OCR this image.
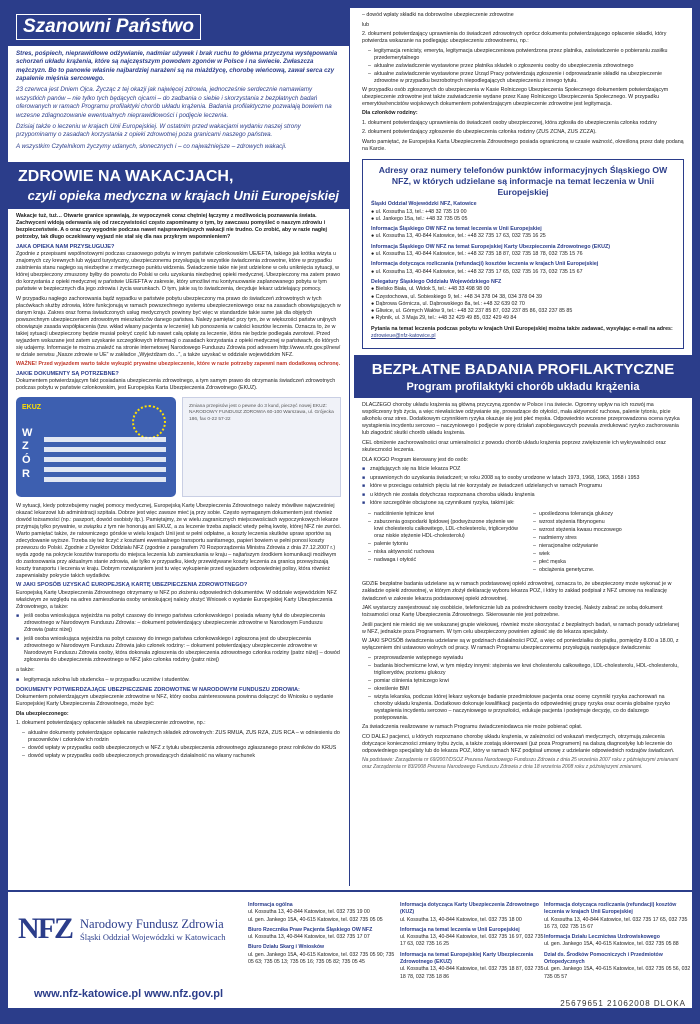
Szanowni Państwo

Stres, pośpiech, nieprawidłowe odżywianie, nadmiar używek i brak ruchu to główna przyczyna występowania schorzeń układu krążenia, które są najczęstszym powodem zgonów w Polsce i na świecie. Zwłaszcza mężczyzn. Bo to panowie właśnie najbardziej narażeni są na miażdżycę, chorobę wieńcową, zawał serca czy zapalenie mięśnia sercowego.

23 czerwca jest Dniem Ojca. Życząc z tej okazji jak najwięcej zdrowia, jednocześnie serdecznie namawiamy wszystkich panów – nie tylko tych będących ojcami – do zadbania o siebie i skorzystania z bezpłatnych badań oferowanych w ramach Programu profilaktyki chorób układu krążenia. Badania profilaktyczne pozwalają bowiem na wczesne zdiagnozowanie ewentualnych nieprawidłowości i podjęcie leczenia.

Dzisiaj także o leczeniu w krajach Unii Europejskiej. W ostatnim przed wakacjami wydaniu naszej strony przypominamy o zasadach korzystania z opieki zdrowotnej poza granicami naszego państwa.

A wszystkim Czytelnikom życzymy udanych, słonecznych i – co najważniejsze – zdrowych wakacji.

ZDROWIE NA WAKACJACH,
czyli opieka medyczna w krajach Unii Europejskiej

Wakacje tuż, tuż… Otwarte granice sprawiają, że wypoczynek coraz chętniej łączymy z możliwością poznawania świata. Zachwyceni widoją oderwania się od rzeczywistości często zapominamy o tym, by zawczasu pomyśleć o naszym zdrowiu i bezpieczeństwie. A o oraz czy wygodnie podczas nawet najsprawniejszych wakacji nie trudno. Co zrobić, aby w razie nagłej potrzeby, tak długo oczekiwany wyjazd nie stał się dla nas przykrym wspomnieniem?

JAKA OPIEKA NAM PRZYSŁUGUJE?

Zgodnie z przepisami wspólnotowymi podczas czasowego pobytu w innym państwie członkowskim UE/EFTA, takiego jak krótka wizyta u znajomych czy krewnych lub wyjazd turystyczny, ubezpieczonemu przysługują te wszystkie świadczenia zdrowotne, które w przypadku zaistnienia stanu nagłego są niezbędne z medycznego punktu widzenia. Świadczenie takie nie jest udzielone w celu uniknięcia sytuacji, w której ubezpieczony zmuszony byłby do powrotu do Polski w celu uzyskania niezbędnej opieki medycznej. Ubezpieczony ma zatem prawo do korzystania z opieki medycznej w państwie UE/EFTA w zakresie, który umożliwi mu kontynuowanie zaplanowanego pobytu w tym państwie w bezpiecznych dla jego zdrowia i życia warunkach. O tym, jakie są to świadczenia, decyduje lekarz udzielający pomocy.

W przypadku nagłego zachorowania bądź wypadku w państwie pobytu ubezpieczony ma prawo do świadczeń zdrowotnych w tych placówkach służby zdrowia, które funkcjonują w ramach powszechnego systemu ubezpieczeniowego oraz na zasadach obowiązujących w danym kraju. Zakres oraz forma świadczonych usług medycznych powinny być więc w standardzie takie same jak dla objętych powszechnym ubezpieczeniem zdrowotnym mieszkańców danego państwa. Należy pamiętać przy tym, że w większości państw unijnych obowiązuje zasada współpłacenia (tzw. wkład własny pacjenta w leczenie) lub ponoszenia w całości kosztów leczenia. Oznacza to, że w takiej sytuacji ubezpieczony będzie musiał pokryć część lub nawet całą opłatę za leczenie, która nie będzie podlegała zwrotowi. Przed wyjazdem wskazane jest zatem uzyskanie szczegółowych informacji o zasadach korzystania z opieki medycznej w państwach, do których się udajemy. Informacje te można znaleźć na stronie internetowej Narodowego Funduszu Zdrowia pod adresem http://www.nfz.gov.pl/new/ w dziale serwisu „Nasze zdrowie w UE” w zakładce „Wyjeżdżam do...”, a także uzyskać w oddziale wojewódzkim NFZ.

WAŻNE! Przed wyjazdem warto także wykupić prywatne ubezpieczenie, które w razie potrzeby zapewni nam dodatkową ochronę.

JAKIE DOKUMENTY SĄ POTRZEBNE?

Dokumentem potwierdzającym fakt posiadania ubezpieczenia zdrowotnego, a tym samym prawo do otrzymania świadczeń zdrowotnych podczas pobytu w państwie członkowskim, jest Europejska Karta Ubezpieczenia Zdrowotnego (EKUZ).

EKUZ
W
Z
Ó
R
Zmiana przepisów jest o pewne do 3 kund, pieczęć nowej EKUZ: NARODOWY FUNDUSZ ZDROWIA 60-100 Warszawa, ul. Grójecka 186, fax 0-22 57-22

W sytuacji, kiedy potrzebujemy nagłej pomocy medycznej, Europejską Kartę Ubezpieczenia Zdrowotnego należy mówiliwe najwcześniej okazać lekarzowi lub administracji szpitala. Dobrze jest więc zawsze mieć ją przy sobie. Często wymaganym dokumentem jest również dowód tożsamości (np.: paszport, dowód osobisty itp.). Pamiętajmy, że w wielu zagranicznych miejscowościach wypoczynkowych lekarze przyjmują tylko prywatnie, w związku z tym nie honorują ani EKUZ, a za leczenie trzeba zapłacić wtedy pełną kwotę, której NFZ nie zwróci. Warto pamiętać także, że ratowniczego górskie w wielu krajach Unii jest w pełni odpłatne, a koszty leczenia skutków upraw sportów są zdecydowanie wyższe. Trzeba się też liczyć z kosztami ewentualnego transportu sanitarnego, papieri bowiem w pełni ponosi koszty przewozu do Polski. Zgodnie z Dyrektor Oddziału NFZ (zgodnie z paragrafem 70 Rozporządzenia Ministra Zdrowia z dnia 27.12.2007 r.) wyda zgodę na pokrycie kosztów transportu do miejsca leczenia lub zamieszkania w kraju – najtańszym środkiem komunikacji możliwym do zastosowania przy aktualnym stanie zdrowia, ale tylko w przypadku, kiedy przewidywane koszty leczenia za granicą przewyższają koszty transportu i leczenia w kraju. Dobrym rozwiązaniem jest tu więc wykupienie przed wyjazdem odpowiedniej polisy, która również zapewniałaby pokrycie takich wydatków.

W JAKI SPOSÓB UZYSKAĆ EUROPEJSKĄ KARTĘ UBEZPIECZENIA ZDROWOTNEGO?

Europejską Kartę Ubezpieczenia Zdrowotnego otrzymamy w NFZ po złożeniu odpowiednich dokumentów. W oddziale wojewódzkim NFZ właściwym ze względu na adres zamieszkania osoby wnioskującej należy złożyć Wniosek o wydanie Europejskiej Karty Ubezpieczenia Zdrowotnego, a także:

■ jeśli osoba wnioskująca wyjeżdża na pobyt czasowy do innego państwa członkowskiego i posiada własny tytuł do ubezpieczenia zdrowotnego w Narodowym Funduszu Zdrowia: – dokument potwierdzający ubezpieczenie zdrowotne w Narodowym Funduszu Zdrowia (patrz niżej)
■ jeśli osoba wnioskująca wyjeżdża na pobyt czasowy do innego państwa członkowskiego i zgłoszona jest do ubezpieczenia zdrowotnego w Narodowym Funduszu Zdrowia jako członek rodziny: – dokument potwierdzający ubezpieczenie zdrowotne w Narodowym Funduszu Zdrowia osoby, która dokonała zgłoszenia do ubezpieczenia zdrowotnego członka rodziny (patrz niżej) – dowód zgłoszenia do ubezpieczenia zdrowotnego w NFZ jako członka rodziny (patrz niżej)

a także:

■ legitymacja szkolna lub studencka – w przypadku uczniów i studentów.
DOKUMENTY POTWIERDZAJĄCE UBEZPIECZENIE ZDROWOTNE W NARODOWYM FUNDUSZU ZDROWIA:

Dokumentem potwierdzającym ubezpieczenie zdrowotne w NFZ, który osoba zainteresowana powinna dołączyć do Wniosku o wydanie Europejskiej Karty Ubezpieczenia Zdrowotnego, może być:

Dla ubezpieczonego:

1. dokument potwierdzający opłacenie składek na ubezpieczenie zdrowotne, np.:

– aktualne dokumenty potwierdzające opłacanie należnych składek zdrowotnych: ZUS RMUA, ZUS RZA, ZUS RCA – w odniesieniu do pracowników i członków ich rodzin
– dowód wpłaty w przypadku osób ubezpieczonych w NFZ z tytułu ubezpieczenia zdrowotnego zgłaszanego przez rolników do KRUS
– dowód wpłaty w przypadku osób ubezpieczonych prowadzących działalność na własny rachunek

– dowód wpłaty składki na dobrowolne ubezpieczenie zdrowotne

lub

2. dokument potwierdzający uprawnienia do świadczeń zdrowotnych oprócz dokumentu potwierdzającego opłacenie składki, który potwierdza wskazanie na podlegając ubezpieczeniu zdrowotnemu, np.:

– legitymacja renicisty, emeryta, legitymacja ubezpieczeniowa potwierdzona przez platnika, zaświadczenie o pobieraniu zasiłku przedemerytalnego
– aktualne zaświadczenie wystawione przez płatnika składek o zgłoszeniu osoby do ubezpieczenia zdrowotnego
– aktualne zaświadczenie wystawione przez Urząd Pracy potwierdzają zgłoszenie i odprowadzanie składki na ubezpieczenie zdrowotne w przypadku bezrobotnych niepodlegających ubezpieczeniu z innego tytułu.

W przypadku osób zgłoszonych do ubezpieczenia w Kasie Rolniczego Ubezpieczenia Społecznego dokumentem potwierdzającym ubezpieczenie zdrowotne jest także zaświadczenie wydane przez Kasę Rolniczego Ubezpieczenia Społecznego. W przypadku emerytów/rencistów wojskowych dokumentem potwierdzającym ubezpieczenie zdrowotne jest legitymacja.

Dla członków rodziny:

1. dokument potwierdzający uprawnienia do świadczeń osoby ubezpieczonej, która zgłosiła do ubezpieczenia członka rodziny

2. dokument potwierdzający zgłoszenie do ubezpieczenia członka rodziny (ZUS ZCNA, ZUS ZCZA).

Warto pamiętać, że Europejska Karta Ubezpieczenia Zdrowotnego posiada ograniczoną w czasie ważność, określoną przez datę podaną na Karcie.

Adresy oraz numery telefonów punktów informacyjnych Śląskiego OW NFZ, w których udzielane są informacje na temat leczenia w Unii Europejskiej
Śląski Oddział Wojewódzki NFZ, Katowice
● ul. Kossutha 13, tel.: +48 32 735 19 00
● ul. Jankego 15a, tel.: +48 32 735 05 05
Informacja Śląskiego OW NFZ na temat leczenia w Unii Europejskiej
● ul. Kossutha 13, 40-844 Katowice, tel.: +48 32 735 17 63, 032 735 16 25
Informacja Śląskiego OW NFZ na temat Europejskiej Karty Ubezpieczenia Zdrowotnego (EKUZ)
● ul. Kossutha 13, 40-844 Katowice, tel.: +48 32 735 18 87, 032 735 18 78, 032 735 15 76
Informacja dotycząca rozliczania (refundacji) kosztów leczenia w krajach Unii Europejskiej
● ul. Kossutha 13, 40-844 Katowice, tel.: +48 32 735 17 65, 032 735 16 73, 032 735 15 67
Delegatury Śląskiego Oddziału Wojewódzkiego NFZ
● Bielsko Biała, ul. Widok 5, tel.: +48 33 498 98 00
● Częstochowa, ul. Sobieskiego 9, tel.: +48 34 378 04 38, 034 378 04 39
● Dąbrowa Górnicza, ul. Dąbrowskiego 8a, tel.: +48 32 639 02 70
● Gliwice, ul. Górnych Wałów 9, tel.: +48 32 237 85 87, 032 237 85 86, 032 237 85 85
● Rybnik, ul. 3 Maja 29, tel.: +48 32 429 49 85, 032 429 49 84
Pytania na temat leczenia podczas pobytu w krajach Unii Europejskiej można także zadawać, wysyłając e-mail na adres: zdrowieue@nfz-katowice.pl
BEZPŁATNE BADANIA PROFILAKTYCZNE
Program profilaktyki chorób układu krążenia

DLACZEGO choroby układu krążenia są główną przyczyną zgonów w Polsce i na świecie. Ogromny wpływ na ich rozwój ma współczesny tryb życia, a więc niewłaściwe odżywianie się, prowadzące do otyłości, mała aktywność ruchowa, palenie tytoniu, picie alkoholu oraz stres. Dodatkowym czynnikiem ryzyka okazuje się jest płeć męska. Odpowiednio wczesne przeprowadzona ocena ryzyka wystąpienia incydentu sercowo – naczyniowego i podjęcie w porę działań zapobiegawczych pozwala zredukować ryzyko zachorowania lub złagodzić skutki chorób układu krążenia.

CEL obniżenie zachorowalności oraz umieralności z powodu chorób układu krążenia poprzez zwiększenie ich wykrywalności oraz skuteczności leczenia.

DLA KOGO Program kierowany jest do osób:

■ znajdujących się na liście lekarza POZ
■ uprawnionych do uzyskania świadczeń; w roku 2008 są to osoby urodzone w latach 1973, 1968, 1963, 1958 i 1953
■ które w przeciągu ostatnich pięciu lat nie korzystały ze świadczeń udzielanych w ramach Programu
■ u których nie została dotychczas rozpoznana choroba układu krążenia
■ które szczególnie obciążone są czynnikami ryzyka, takimi jak:
– nadciśnienie tętnicze krwi
– zaburzenia gospodarki lipidowej (podwyższone stężenie we krwi cholesterolu całkowitego, LDL-cholesterolu, triglicerydów oraz niskie stężenie HDL-cholesterolu)
– palenie tytoniu
– niska aktywność ruchowa
– nadwaga i otyłość
– upośledzona tolerancja glukozy
– wzrost stężenia fibrynogenu
– wzrost stężenia kwasu moczowego
– nadmierny stres
– nieracjonalne odżywianie
– wiek
– płeć męska
– obciążenia genetyczne.

GDZIE bezpłatne badania udzielane są w ramach podstawowej opieki zdrowotnej, oznacza to, że ubezpieczony może wykonać je w zakładzie opieki zdrowotnej, w którym złożył deklarację wyboru lekarza POZ, i który to zakład podpisał z NFZ umowę na realizację świadczeń w zakresie lekarza podstawowej opieki zdrowotnej.

JAK wystarczy zarejestrować się osobiście, telefonicznie lub za pośrednictwem osoby trzeciej. Należy zabrać ze sobą dokument tożsamości oraz Kartę Ubezpieczenia Zdrowotnego. Skierowanie nie jest potrzebne.

Jeśli pacjent nie mieści się we wskazanej grupie wiekowej, również może skorzystać z bezpłatnych badań, w ramach porady udzielanej w NFZ, jednakże poza Programem. W tym celu ubezpieczony powinien zgłosić się do lekarza specjalisty.

W JAKI SPOSÓB świadczenia udzielane są w godzinach działalności POZ, a więc od poniedziałku do piątku, pomiędzy 8.00 a 18.00, z wyłączeniem dni ustawowo wolnych od pracy. W ramach Programu ubezpieczonemu przysługują następujące świadczenia:

– przeprowadzenie wstępnego wywiadu
– badania biochemiczne krwi, w tym między innymi: stężenia we krwi cholesterolu całkowitego, LDL-cholesterolu, HDL-cholesterolu, triglicerydów, poziomu glukozy
– pomiar ciśnienia tętniczego krwi
– określenie BMI
– wizyta lekarska, podczas której lekarz wykonuje badanie przedmiotowe pacjenta oraz ocenę czynniki ryzyka zachorowań na choroby układu krążenia. Dodatkowo dokonuje kwalifikacji pacjenta do odpowiedniej grupy ryzyka oraz ocenia globalne ryzyko wystąpienia incydentu sercowo – naczyniowego w przyszłości, edukuje pacjenta i podejmuje decyzję, co do dalszego postępowania.

Za świadczenia realizowane w ramach Programu świadczeniodawca nie może pobierać opłat.

CO DALEJ pacjenci, u których rozpoznano chorobę układu krążenia, w zależności od wskazań medycznych, otrzymują zalecenia dotyczące konieczności zmiany trybu życia, a także zostają skierowani (już poza Programem) na dalszą diagnostykę lub leczenie do odpowiedniego specjalisty lub do lekarza POZ, który w ramach NFZ podpisał umowę z udzielanie odpowiednich rodzajów świadczeń.

Na podstawie: Zarządzenia nr 69/2007/DSOZ Prezesa Narodowego Funduszu Zdrowia z dnia 25 września 2007 roku z późniejszymi zmianami oraz Zarządzenia nr 83/2008 Prezesa Narodowego Funduszu Zdrowia z dnia 18 września 2008 roku z późniejszymi zmianami.
NFZ Narodowy Fundusz Zdrowia
Śląski Oddział Wojewódzki w Katowicach
www.nfz-katowice.pl www.nfz.gov.pl
Informacja ogólna
ul. Kossutha 13, 40-844 Katowice, tel. 032 735 19 00
ul. gen. Jankego 15A, 40-615 Katowice, tel. 032 735 05 05
Biuro Rzecznika Praw Pacjenta Śląskiego OW NFZ
ul. Kossutha 13, 40-844 Katowice, tel. 032 735 17 07
Biuro Działu Skarg i Wniosków
ul. gen. Jankego 15A, 40-615 Katowice, tel. 032 735 05 90; 735 05 63; 735 05 13; 735 05 16; 735 05 82; 735 05 45
Informacja dotycząca Karty Ubezpieczenia Zdrowotnego (KUZ)
ul. Kossutha 13, 40-844 Katowice, tel. 032 735 18 00
Informacja na temat leczenia w Unii Europejskiej
ul. Kossutha 13, 40-844 Katowice, tel. 032 735 16 97, 032 735 17 63, 032 735 16 25
Informacja na temat Europejskiej Karty Ubezpieczenia Zdrowotnego (EKUZ)
ul. Kossutha 13, 40-844 Katowice, tel. 032 735 18 87, 032 735 18 78, 032 735 18 86
Informacja dotycząca rozliczania (refundacji) kosztów leczenia w krajach Unii Europejskiej
ul. Kossutha 13, 40-844 Katowice, tel. 032 735 17 65, 032 735 16 73, 032 735 15 67
Informacja Działu Lecznictwa Uzdrowiskowego
ul. gen. Jankego 15A, 40-615 Katowice, tel. 032 735 05 88
Dział ds. Środków Pomocniczych i Przedmiotów Ortopedycznych
ul. gen. Jankego 15A, 40-615 Katowice, tel. 032 735 05 56, 032 735 05 57
25679651 21062008 DLOKA
